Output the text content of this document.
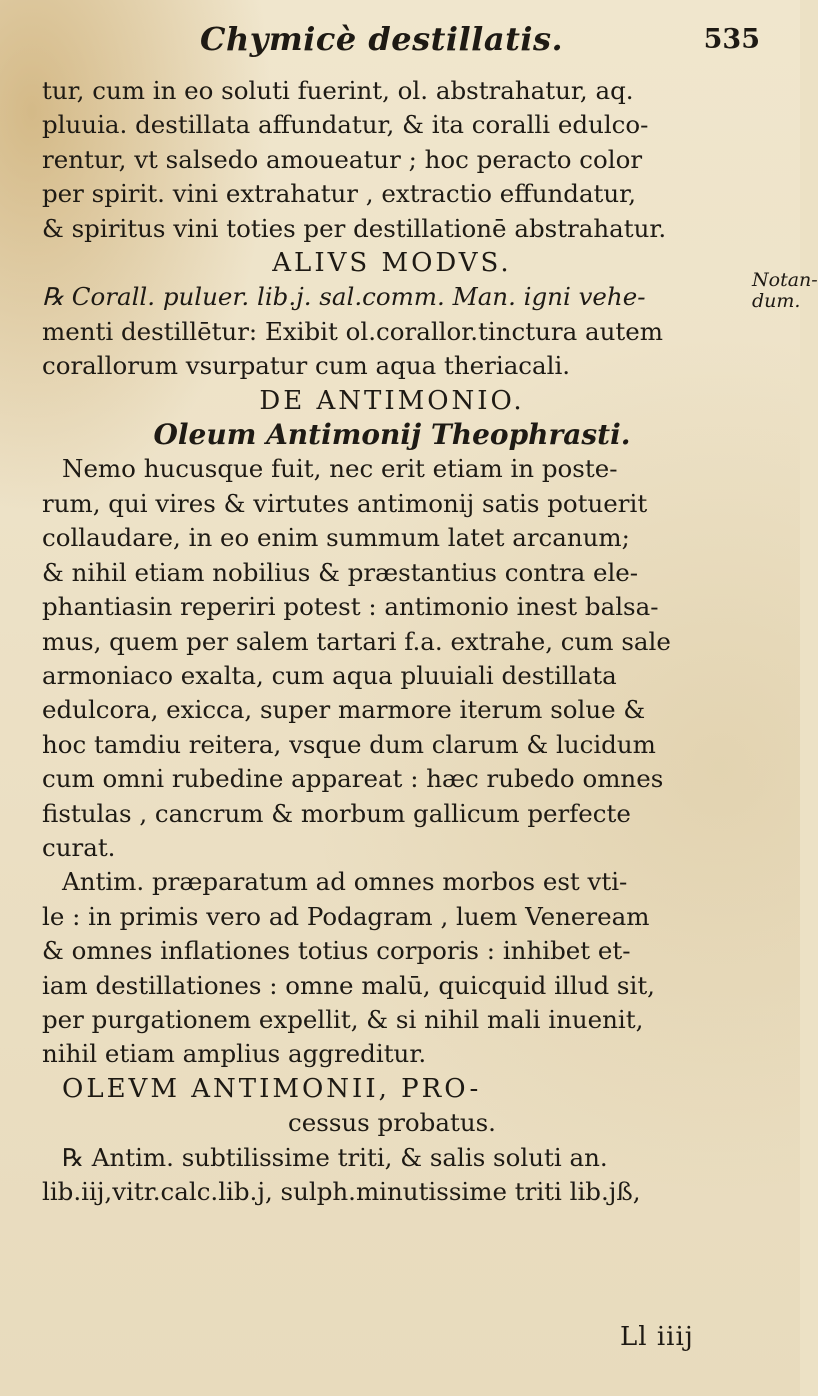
Chymicè destillatis.	535
tur, cum in eo soluti fuerint, ol. abstrahatur, aq.
pluuia. destillata affundatur, & ita coralli edulco-
rentur, vt salsedo amoueatur ; hoc peracto color
per spirit. vini extrahatur , extractio effundatur,
& spiritus vini toties per destillationē abstrahatur.
ALIVS MODVS.
℞ Corall. puluer. lib.j. sal.comm. Man. igni vehe-
menti destillētur: Exibit ol.corallor.tinctura autem
corallorum vsurpatur cum aqua theriacali.
DE ANTIMONIO.
Oleum Antimonij Theophrasti.
Nemo hucusque fuit, nec erit etiam in poste-
rum, qui vires & virtutes antimonij satis potuerit
collaudare, in eo enim summum latet arcanum;
& nihil etiam nobilius & præstantius contra ele-
phantiasin reperiri potest : antimonio inest balsa-
mus, quem per salem tartari f.a. extrahe, cum sale
armoniaco exalta, cum aqua pluuiali destillata
edulcora, exicca, super marmore iterum solue &
hoc tamdiu reitera, vsque dum clarum & lucidum
cum omni rubedine appareat : hæc rubedo omnes
fistulas , cancrum & morbum gallicum perfecte
curat.
Antim. præparatum ad omnes morbos est vti-
le : in primis vero ad Podagram , luem Veneream
& omnes inflationes totius corporis : inhibet et-
iam destillationes : omne malū, quicquid illud sit,
per purgationem expellit, & si nihil mali inuenit,
nihil etiam amplius aggreditur.
OLEVM ANTIMONII, PRO-
cessus probatus.
℞ Antim. subtilissime triti, & salis soluti an.
lib.iij,vitr.calc.lib.j, sulph.minutissime triti lib.jß,
Notan-
dum.
Ll iiij
